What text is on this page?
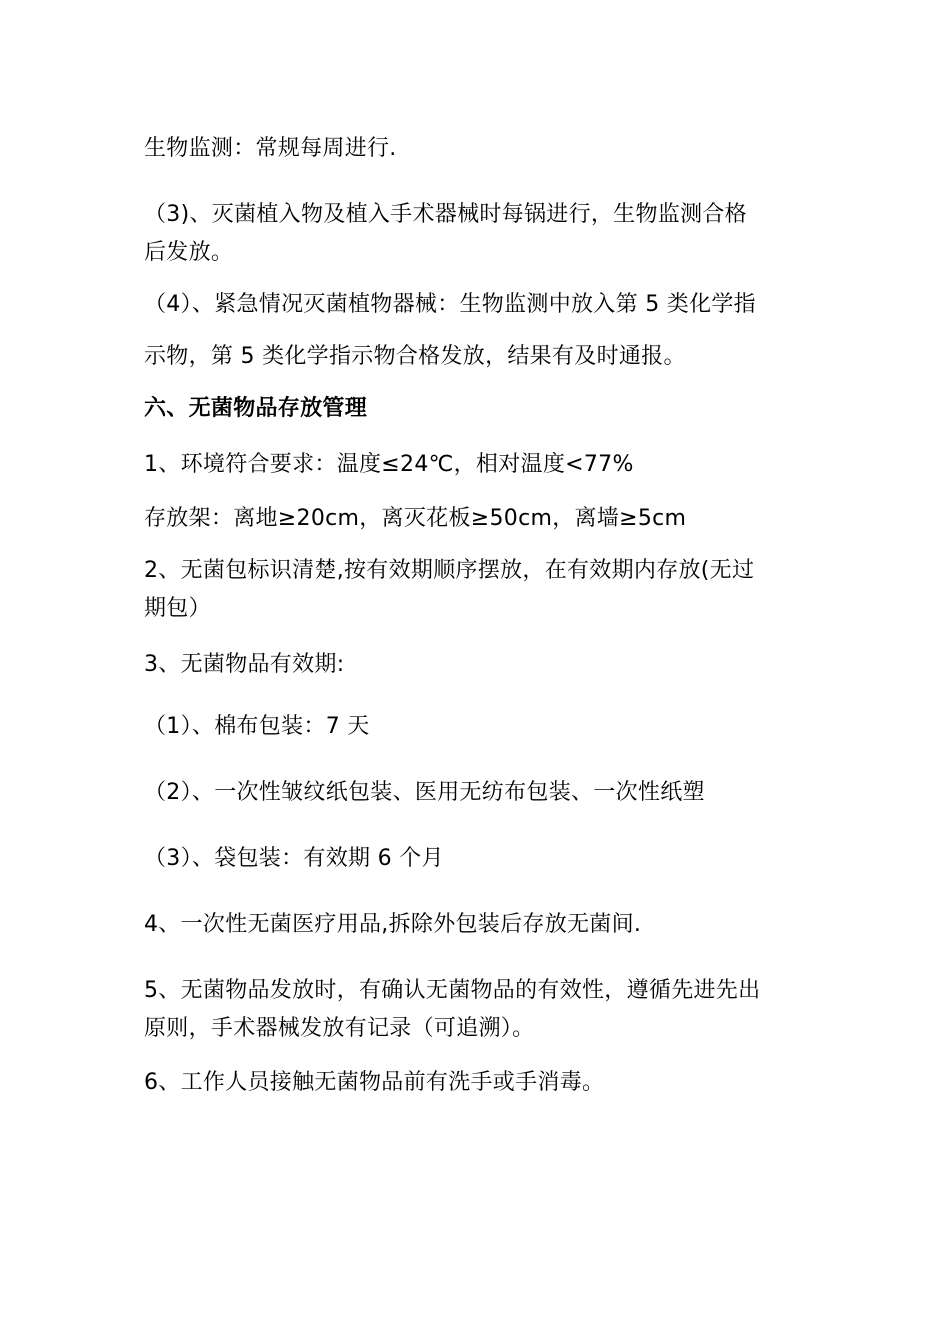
生物监测：常规每周进行.

（3)、灭菌植入物及植入手术器械时每锅进行，生物监测合格

后发放。

（4）、紧急情况灭菌植物器械：生物监测中放入第 5 类化学指

示物，第 5 类化学指示物合格发放，结果有及时通报。

六、无菌物品存放管理

1、环境符合要求：温度≤24℃，相对温度<77%

存放架：离地≥20cm，离灭花板≥50cm，离墙≥5cm

2、无菌包标识清楚,按有效期顺序摆放，在有效期内存放(无过

期包）

3、无菌物品有效期:

（1）、棉布包装：7 天

（2）、一次性皱纹纸包装、医用无纺布包装、一次性纸塑

（3）、袋包装：有效期 6 个月

4、一次性无菌医疗用品,拆除外包装后存放无菌间.

5、无菌物品发放时，有确认无菌物品的有效性，遵循先进先出

原则，手术器械发放有记录（可追溯）。

6、工作人员接触无菌物品前有洗手或手消毒。
